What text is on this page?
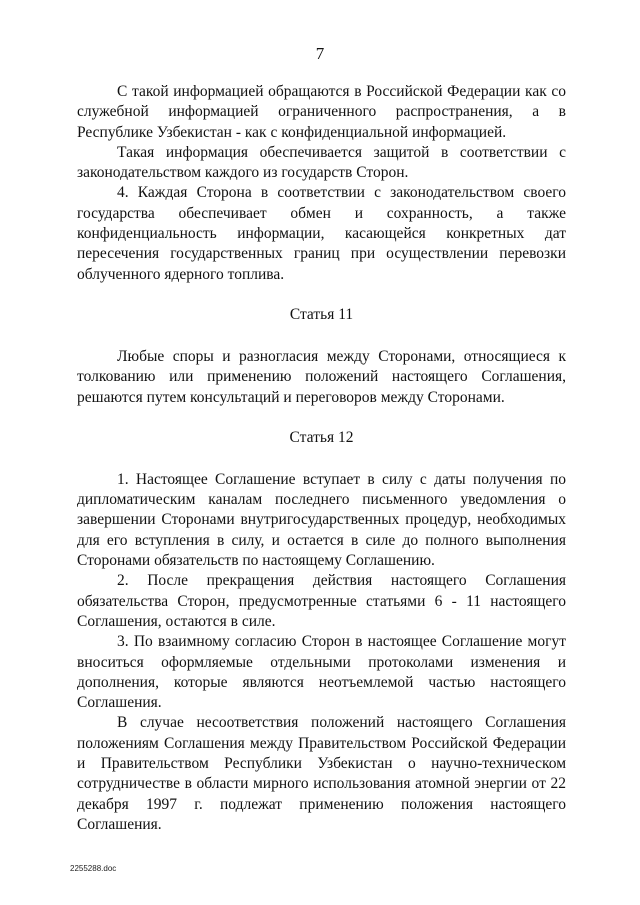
7

С такой информацией обращаются в Российской Федерации как со служебной информацией ограниченного распространения, а в Республике Узбекистан - как с конфиденциальной информацией.

Такая информация обеспечивается защитой в соответствии с законодательством каждого из государств Сторон.

4. Каждая Сторона в соответствии с законодательством своего государства обеспечивает обмен и сохранность, а также конфиденциальность информации, касающейся конкретных дат пересечения государственных границ при осуществлении перевозки облученного ядерного топлива.

Статья 11

Любые споры и разногласия между Сторонами, относящиеся к толкованию или применению положений настоящего Соглашения, решаются путем консультаций и переговоров между Сторонами.

Статья 12

1. Настоящее Соглашение вступает в силу с даты получения по дипломатическим каналам последнего письменного уведомления о завершении Сторонами внутригосударственных процедур, необходимых для его вступления в силу, и остается в силе до полного выполнения Сторонами обязательств по настоящему Соглашению.

2. После прекращения действия настоящего Соглашения обязательства Сторон, предусмотренные статьями 6 - 11 настоящего Соглашения, остаются в силе.

3. По взаимному согласию Сторон в настоящее Соглашение могут вноситься оформляемые отдельными протоколами изменения и дополнения, которые являются неотъемлемой частью настоящего Соглашения.

В случае несоответствия положений настоящего Соглашения положениям Соглашения между Правительством Российской Федерации и Правительством Республики Узбекистан о научно-техническом сотрудничестве в области мирного использования атомной энергии от 22 декабря 1997 г. подлежат применению положения настоящего Соглашения.

2255288.doc
